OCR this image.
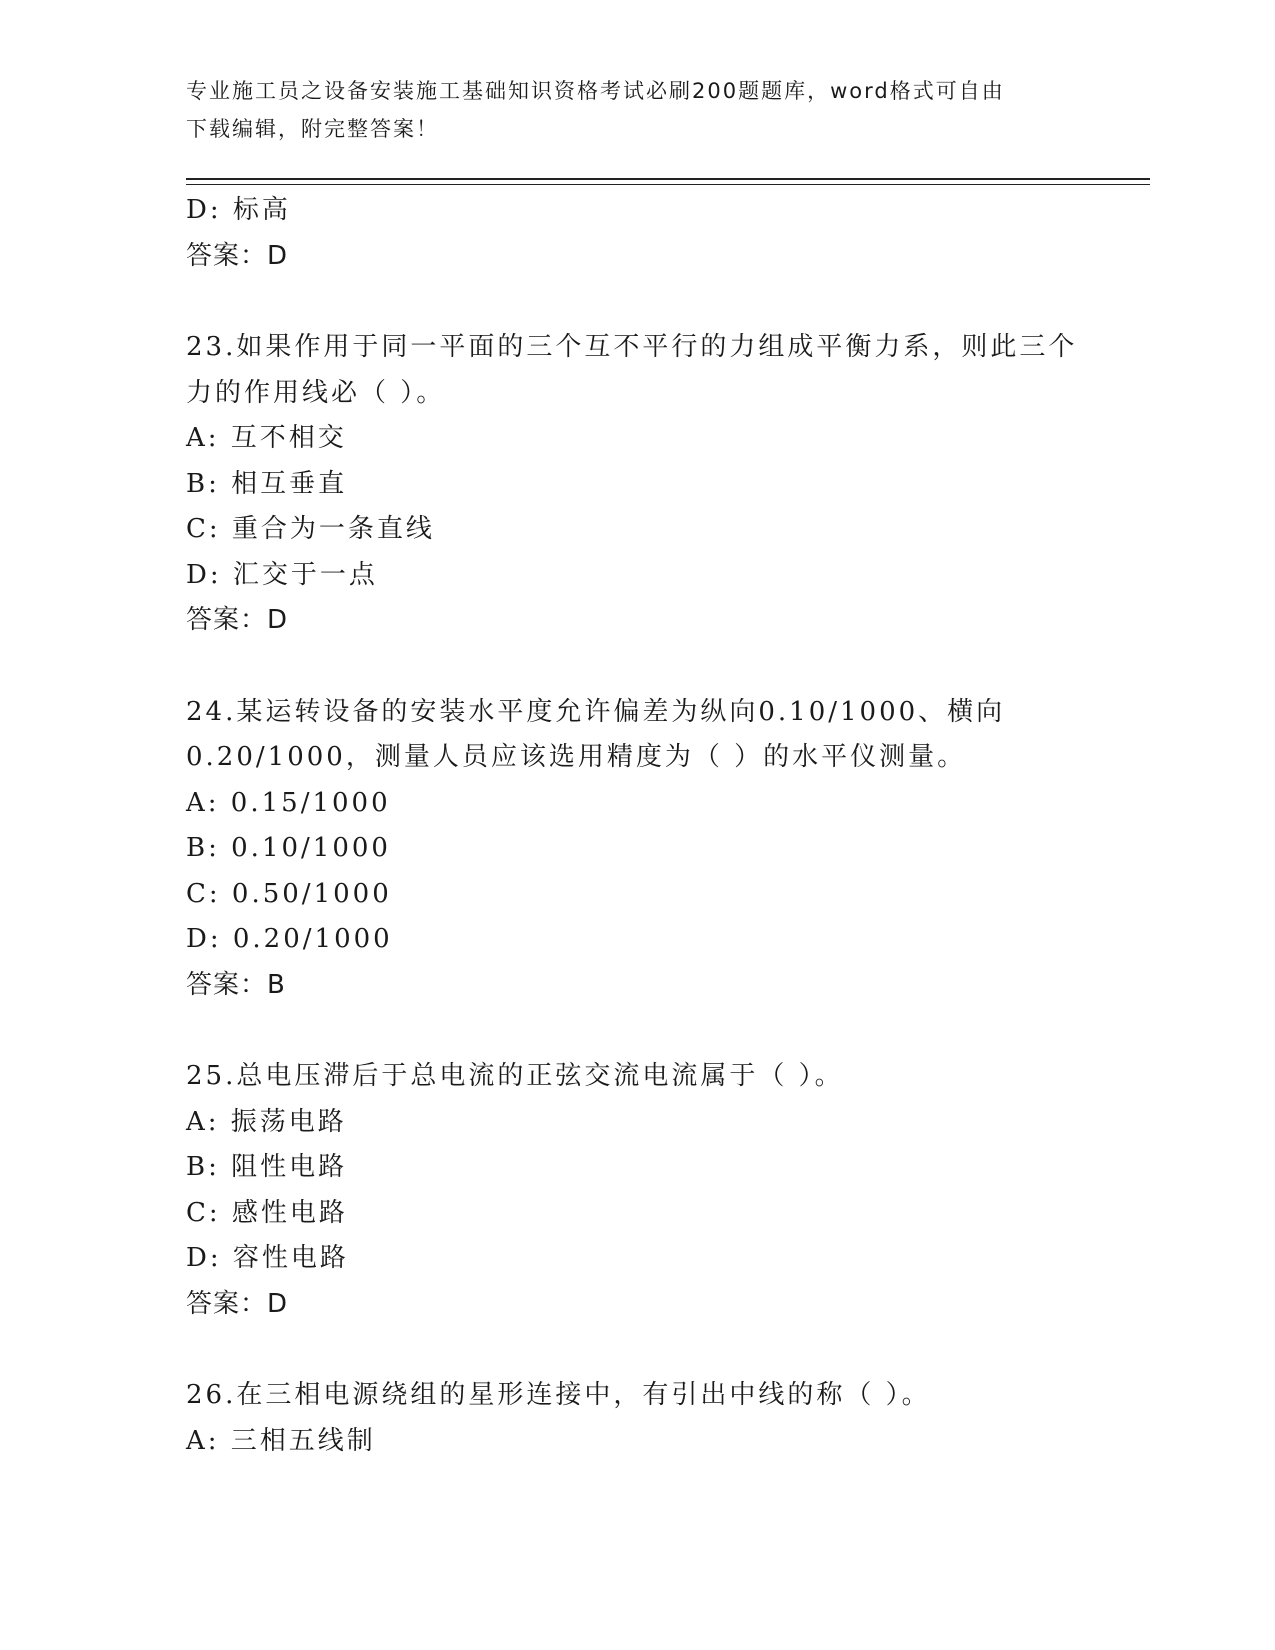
专业施工员之设备安装施工基础知识资格考试必刷200题题库，word格式可自由
下载编辑，附完整答案！
D: 标高
答案：D
23.如果作用于同一平面的三个互不平行的力组成平衡力系，则此三个
力的作用线必（ ）。
A: 互不相交
B: 相互垂直
C: 重合为一条直线
D: 汇交于一点
答案：D
24.某运转设备的安装水平度允许偏差为纵向0.10/1000、横向
0.20/1000，测量人员应该选用精度为（ ）的水平仪测量。
A: 0.15/1000
B: 0.10/1000
C: 0.50/1000
D: 0.20/1000
答案：B
25.总电压滞后于总电流的正弦交流电流属于（ ）。
A: 振荡电路
B: 阻性电路
C: 感性电路
D: 容性电路
答案：D
26.在三相电源绕组的星形连接中，有引出中线的称（ ）。
A: 三相五线制
